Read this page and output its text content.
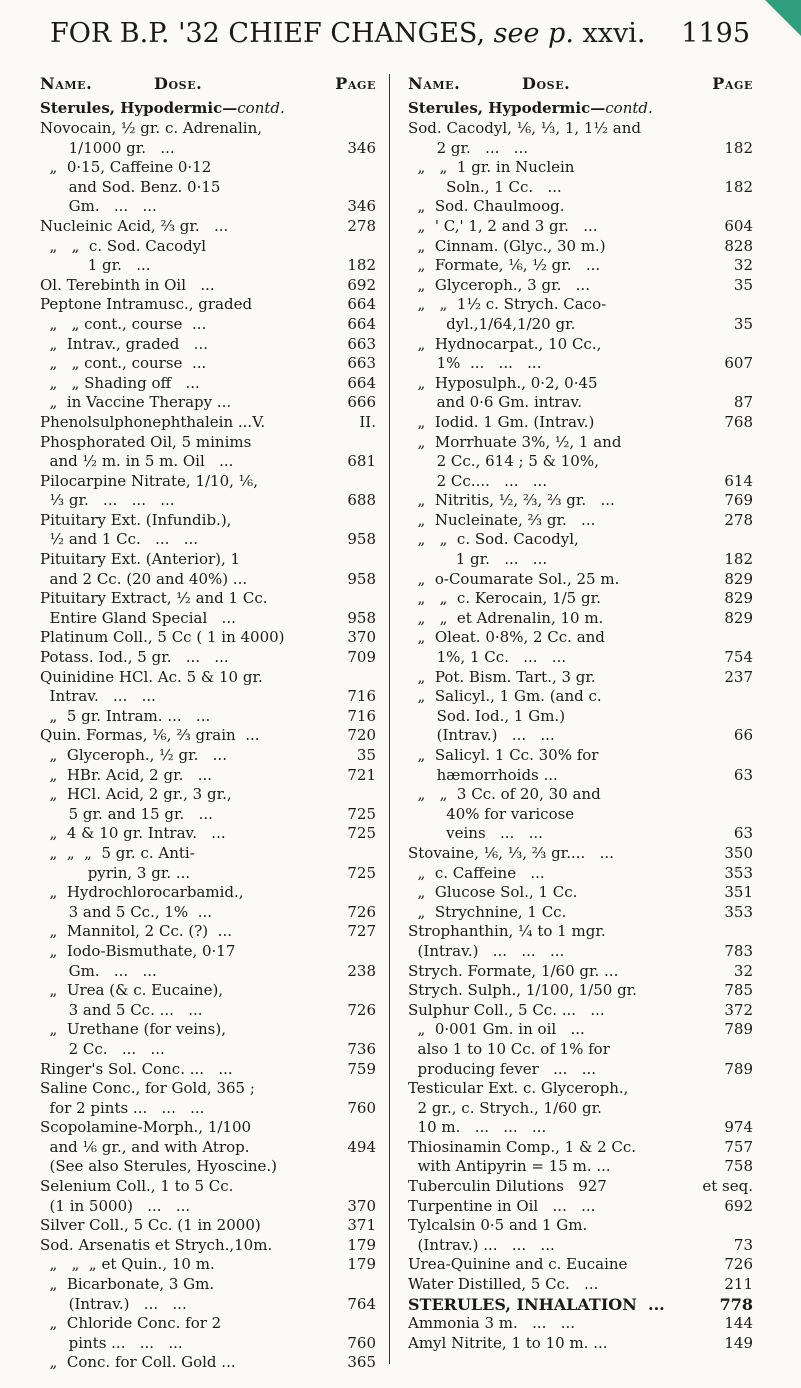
FOR B.P. '32 CHIEF CHANGES, see p. xxvi. 1195
Name.	Dose.	Page
Sterules, Hypodermic—contd.
Novocain, ½ gr. c. Adrenalin,
1/1000 gr.   ...	346
„  0·15, Caffeine 0·12
and Sod. Benz. 0·15
Gm.   ...   ...	346
Nucleinic Acid, ⅔ gr.   ...	278
„   „  c. Sod. Cacodyl
1 gr.   ...	182
Ol. Terebinth in Oil   ...	692
Peptone Intramusc., graded	664
„   „ cont., course  ...	664
„  Intrav., graded   ...	663
„   „ cont., course  ...	663
„   „ Shading off   ...	664
„  in Vaccine Therapy ...	666
Phenolsulphonephthalein ...V.	II.
Phosphorated Oil, 5 minims
and ½ m. in 5 m. Oil   ...	681
Pilocarpine Nitrate, 1/10, ⅙,
⅓ gr.   ...   ...   ...	688
Pituitary Ext. (Infundib.),
½ and 1 Cc.   ...   ...	958
Pituitary Ext. (Anterior), 1
and 2 Cc. (20 and 40%) ...	958
Pituitary Extract, ½ and 1 Cc.
Entire Gland Special   ...	958
Platinum Coll., 5 Cc ( 1 in 4000)	370
Potass. Iod., 5 gr.   ...   ...	709
Quinidine HCl. Ac. 5 & 10 gr.
Intrav.   ...   ...	716
„  5 gr. Intram. ...   ...	716
Quin. Formas, ⅙, ⅔ grain  ...	720
„  Glyceroph., ½ gr.   ...	35
„  HBr. Acid, 2 gr.   ...	721
„  HCl. Acid, 2 gr., 3 gr.,
5 gr. and 15 gr.   ...	725
„  4 & 10 gr. Intrav.   ...	725
„  „  „  5 gr. c. Anti-
pyrin, 3 gr. ...	725
„  Hydrochlorocarbamid.,
3 and 5 Cc., 1%  ...	726
„  Mannitol, 2 Cc. (?)  ...	727
„  Iodo-Bismuthate, 0·17
Gm.   ...   ...	238
„  Urea (& c. Eucaine),
3 and 5 Cc. ...   ...	726
„  Urethane (for veins),
2 Cc.   ...   ...	736
Ringer's Sol. Conc. ...   ...	759
Saline Conc., for Gold, 365 ;
for 2 pints ...   ...   ...	760
Scopolamine-Morph., 1/100
and ⅙ gr., and with Atrop.	494
(See also Sterules, Hyoscine.)
Selenium Coll., 1 to 5 Cc.
(1 in 5000)   ...   ...	370
Silver Coll., 5 Cc. (1 in 2000)	371
Sod. Arsenatis et Strych.,10m.	179
„   „  „ et Quin., 10 m.	179
„  Bicarbonate, 3 Gm.
(Intrav.)   ...   ...	764
„  Chloride Conc. for 2
pints ...   ...   ...	760
„  Conc. for Coll. Gold ...	365
Name.	Dose.	Page
Sterules, Hypodermic—contd.
Sod. Cacodyl, ⅙, ⅓, 1, 1½ and
2 gr.   ...   ...	182
„   „  1 gr. in Nuclein
Soln., 1 Cc.   ...	182
„  Sod. Chaulmoog.
„  ' C,' 1, 2 and 3 gr.   ...	604
„  Cinnam. (Glyc., 30 m.)	828
„  Formate, ⅙, ½ gr.   ...	32
„  Glyceroph., 3 gr.   ...	35
„   „  1½ c. Strych. Caco-
dyl.,1/64,1/20 gr.	35
„  Hydnocarpat., 10 Cc.,
1%  ...   ...   ...	607
„  Hyposulph., 0·2, 0·45
and 0·6 Gm. intrav.	87
„  Iodid. 1 Gm. (Intrav.)	768
„  Morrhuate 3%, ½, 1 and
2 Cc., 614 ; 5 & 10%,
2 Cc....   ...   ...	614
„  Nitritis, ½, ⅔, ⅔ gr.   ...	769
„  Nucleinate, ⅔ gr.   ...	278
„   „  c. Sod. Cacodyl,
1 gr.   ...   ...	182
„  o-Coumarate Sol., 25 m.	829
„   „  c. Kerocain, 1/5 gr.	829
„   „  et Adrenalin, 10 m.	829
„  Oleat. 0·8%, 2 Cc. and
1%, 1 Cc.   ...   ...	754
„  Pot. Bism. Tart., 3 gr.	237
„  Salicyl., 1 Gm. (and c.
Sod. Iod., 1 Gm.)
(Intrav.)   ...   ...	66
„  Salicyl. 1 Cc. 30% for
hæmorrhoids ...	63
„   „  3 Cc. of 20, 30 and
40% for varicose
veins   ...   ...	63
Stovaine, ⅙, ⅓, ⅔ gr....   ...	350
„  c. Caffeine   ...	353
„  Glucose Sol., 1 Cc.	351
„  Strychnine, 1 Cc.	353
Strophanthin, ¼ to 1 mgr.
(Intrav.)   ...   ...   ...	783
Strych. Formate, 1/60 gr. ...	32
Strych. Sulph., 1/100, 1/50 gr.	785
Sulphur Coll., 5 Cc. ...   ...	372
„  0·001 Gm. in oil   ...	789
also 1 to 10 Cc. of 1% for
producing fever   ...   ...	789
Testicular Ext. c. Glyceroph.,
2 gr., c. Strych., 1/60 gr.
10 m.   ...   ...   ...	974
Thiosinamin Comp., 1 & 2 Cc.	757
with Antipyrin = 15 m. ...	758
Tuberculin Dilutions   927	et seq.
Turpentine in Oil   ...   ...	692
Tylcalsin 0·5 and 1 Gm.
(Intrav.) ...   ...   ...	73
Urea-Quinine and c. Eucaine	726
Water Distilled, 5 Cc.   ...	211
STERULES, INHALATION  ...	778
Ammonia 3 m.   ...   ...	144
Amyl Nitrite, 1 to 10 m. ...	149
